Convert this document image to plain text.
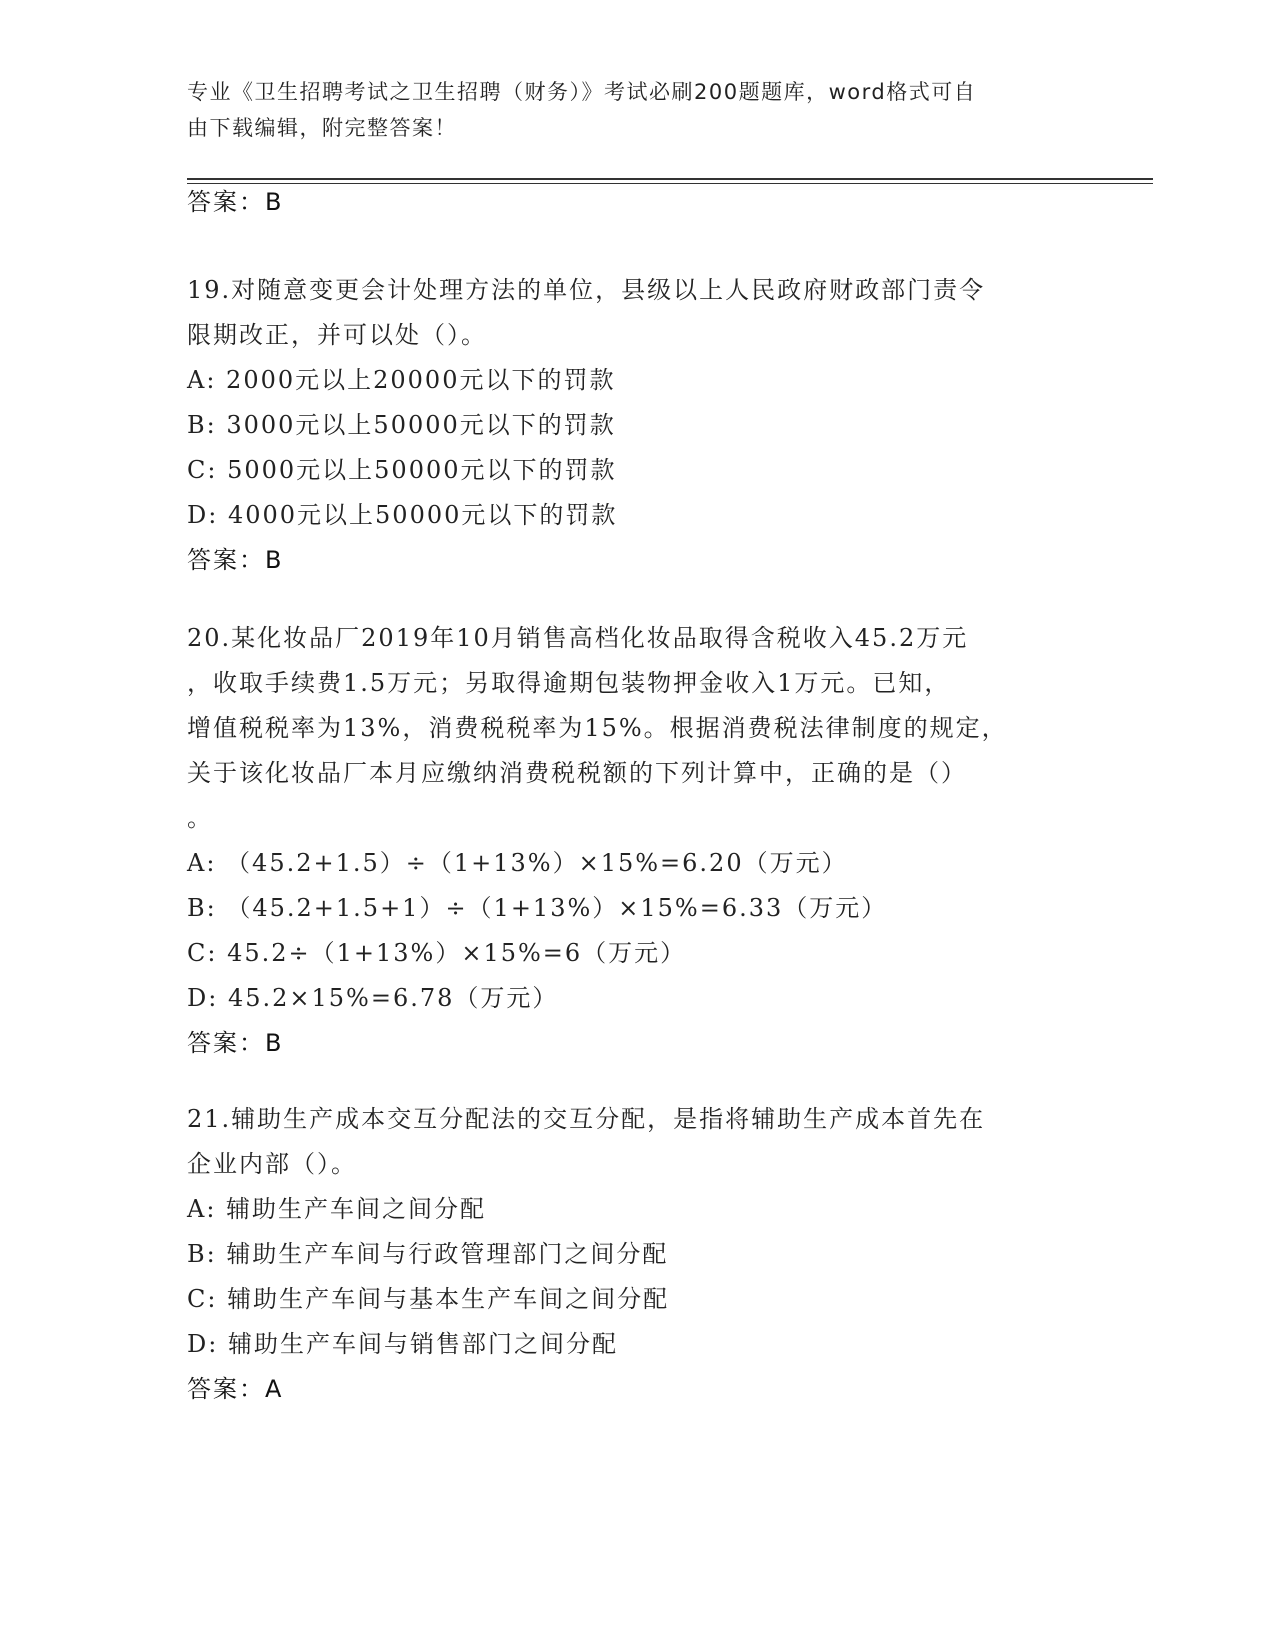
专业《卫生招聘考试之卫生招聘（财务）》考试必刷200题题库，word格式可自
由下载编辑，附完整答案！
答案：B
19.对随意变更会计处理方法的单位，县级以上人民政府财政部门责令
限期改正，并可以处（）。
A: 2000元以上20000元以下的罚款
B: 3000元以上50000元以下的罚款
C: 5000元以上50000元以下的罚款
D: 4000元以上50000元以下的罚款
答案：B
20.某化妆品厂2019年10月销售高档化妆品取得含税收入45.2万元
，收取手续费1.5万元；另取得逾期包装物押金收入1万元。已知，
增值税税率为13%，消费税税率为15%。根据消费税法律制度的规定，
关于该化妆品厂本月应缴纳消费税税额的下列计算中，正确的是（）
。
A: （45.2+1.5）÷（1+13%）×15%=6.20（万元）
B: （45.2+1.5+1）÷（1+13%）×15%=6.33（万元）
C: 45.2÷（1+13%）×15%=6（万元）
D: 45.2×15%=6.78（万元）
答案：B
21.辅助生产成本交互分配法的交互分配，是指将辅助生产成本首先在
企业内部（）。
A: 辅助生产车间之间分配
B: 辅助生产车间与行政管理部门之间分配
C: 辅助生产车间与基本生产车间之间分配
D: 辅助生产车间与销售部门之间分配
答案：A
